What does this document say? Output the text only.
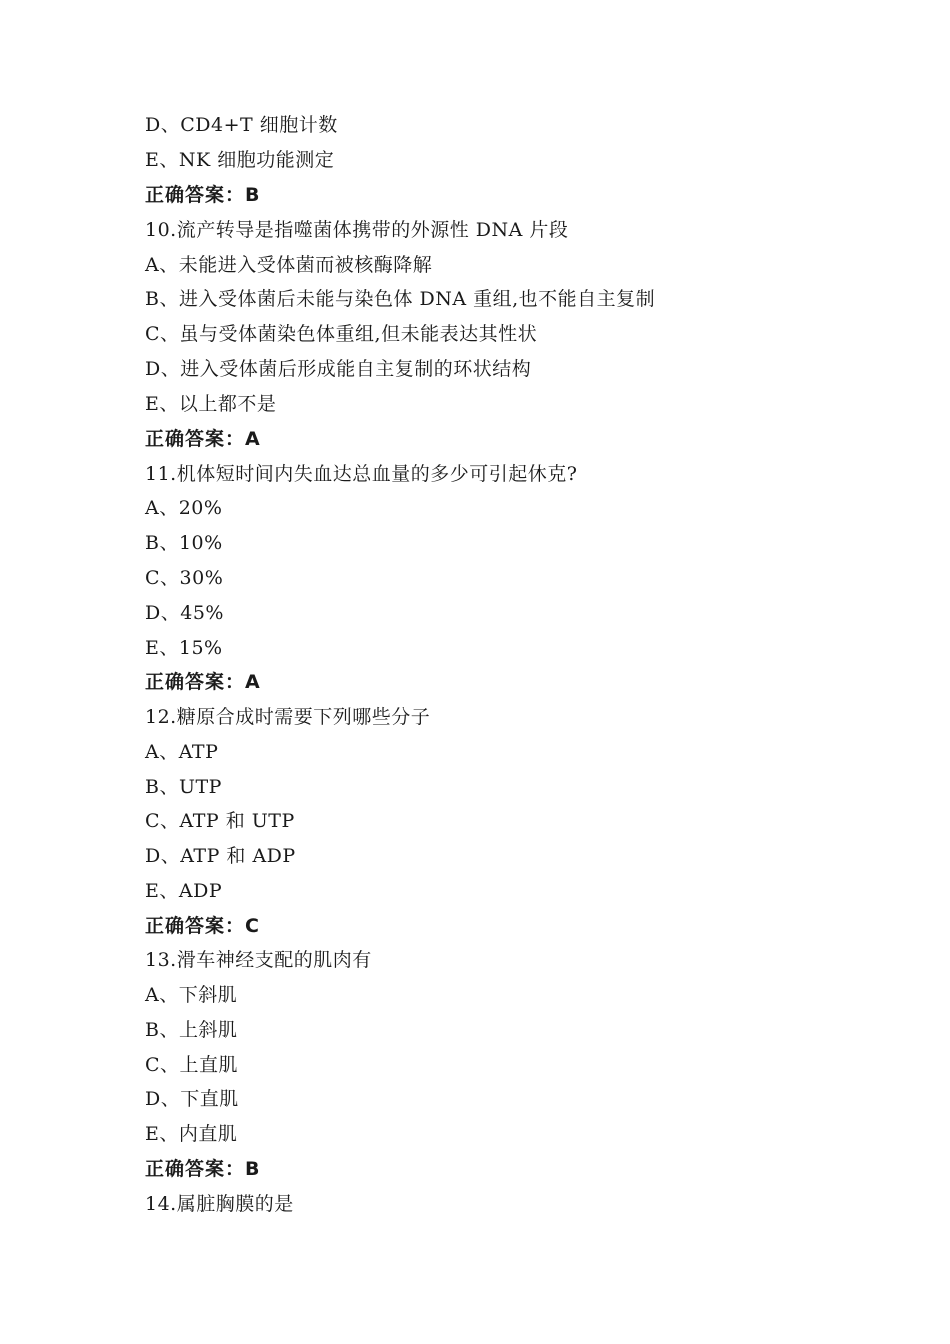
D、CD4+T 细胞计数
E、NK 细胞功能测定
正确答案：B
10.流产转导是指噬菌体携带的外源性 DNA 片段
A、未能进入受体菌而被核酶降解
B、进入受体菌后未能与染色体 DNA 重组,也不能自主复制
C、虽与受体菌染色体重组,但未能表达其性状
D、进入受体菌后形成能自主复制的环状结构
E、以上都不是
正确答案：A
11.机体短时间内失血达总血量的多少可引起休克?
A、20%
B、10%
C、30%
D、45%
E、15%
正确答案：A
12.糖原合成时需要下列哪些分子
A、ATP
B、UTP
C、ATP 和 UTP
D、ATP 和 ADP
E、ADP
正确答案：C
13.滑车神经支配的肌肉有
A、下斜肌
B、上斜肌
C、上直肌
D、下直肌
E、内直肌
正确答案：B
14.属脏胸膜的是
